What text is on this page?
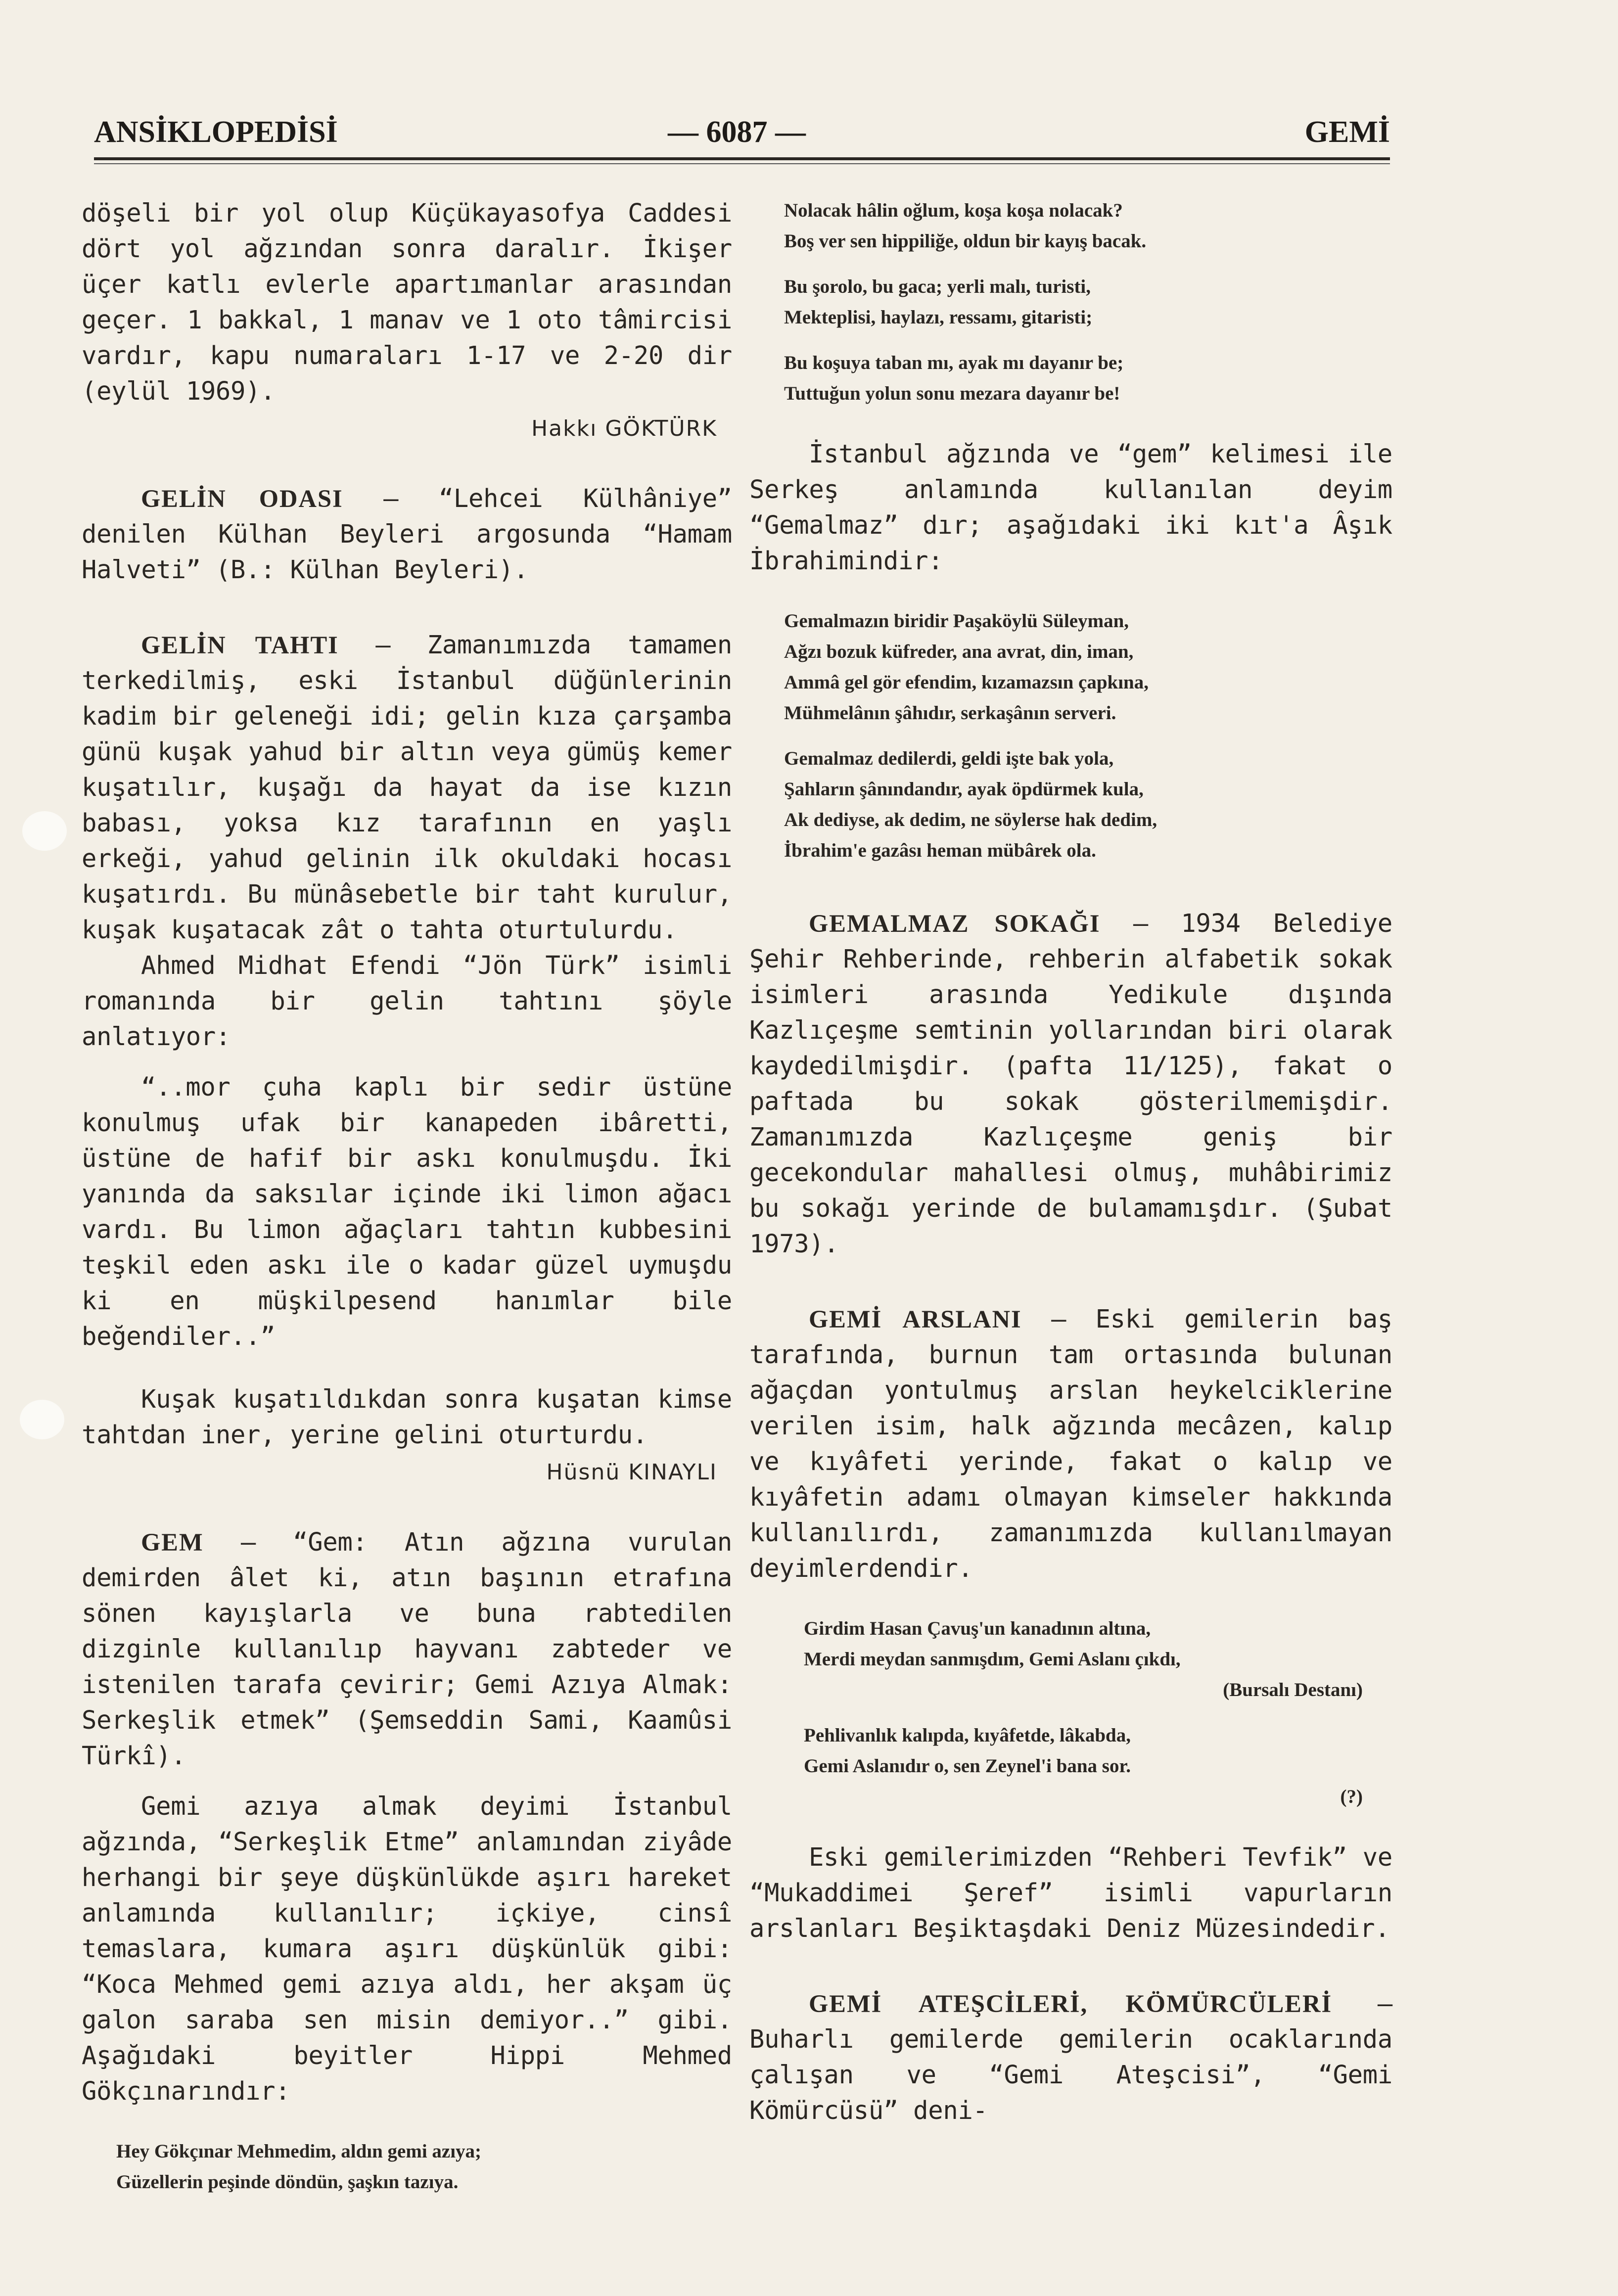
ANSİKLOPEDİSİ	— 6087 —	GEMİ

döşeli bir yol olup Küçükayasofya Caddesi dört yol ağzından sonra daralır. İkişer üçer katlı evlerle apartımanlar arasından geçer. 1 bakkal, 1 manav ve 1 oto tâmircisi vardır, kapu numaraları 1-17 ve 2-20 dir (eylül 1969).

Hakkı GÖKTÜRK

GELİN ODASI — “Lehcei Külhâniye” denilen Külhan Beyleri argosunda “Hamam Halveti” (B.: Külhan Beyleri).

GELİN TAHTI — Zamanımızda tamamen terkedilmiş, eski İstanbul düğünlerinin kadim bir geleneği idi; gelin kıza çarşamba günü kuşak yahud bir altın veya gümüş kemer kuşatılır, kuşağı da hayat da ise kızın babası, yoksa kız tarafının en yaşlı erkeği, yahud gelinin ilk okuldaki hocası kuşatırdı. Bu münâsebetle bir taht kurulur, kuşak kuşatacak zât o tahta oturtulurdu.

Ahmed Midhat Efendi “Jön Türk” isimli romanında bir gelin tahtını şöyle anlatıyor:

“..mor çuha kaplı bir sedir üstüne konulmuş ufak bir kanapeden ibâretti, üstüne de hafif bir askı konulmuşdu. İki yanında da saksılar içinde iki limon ağacı vardı. Bu limon ağaçları tahtın kubbesini teşkil eden askı ile o kadar güzel uymuşdu ki en müşkilpesend hanımlar bile beğendiler..”

Kuşak kuşatıldıkdan sonra kuşatan kimse tahtdan iner, yerine gelini oturturdu.

Hüsnü KINAYLI

GEM — “Gem: Atın ağzına vurulan demirden âlet ki, atın başının etrafına sönen kayışlarla ve buna rabtedilen dizginle kullanılıp hayvanı zabteder ve istenilen tarafa çevirir; Gemi Azıya Almak: Serkeşlik etmek” (Şemseddin Sami, Kaamûsi Türkî).

Gemi azıya almak deyimi İstanbul ağzında, “Serkeşlik Etme” anlamından ziyâde herhangi bir şeye düşkünlükde aşırı hareket anlamında kullanılır; içkiye, cinsî temaslara, kumara aşırı düşkünlük gibi: “Koca Mehmed gemi azıya aldı, her akşam üç galon saraba sen misin demiyor..” gibi. Aşağıdaki beyitler Hippi Mehmed Gökçınarındır:

Hey Gökçınar Mehmedim, aldın gemi azıya;
Güzellerin peşinde döndün, şaşkın tazıya.
Nolacak hâlin oğlum, koşa koşa nolacak?
Boş ver sen hippiliğe, oldun bir kayış bacak.
Bu şorolo, bu gaca; yerli malı, turisti,
Mekteplisi, haylazı, ressamı, gitaristi;
Bu koşuya taban mı, ayak mı dayanır be;
Tuttuğun yolun sonu mezara dayanır be!

İstanbul ağzında ve “gem” kelimesi ile Serkeş anlamında kullanılan deyim “Gemalmaz” dır; aşağıdaki iki kıt'a Âşık İbrahimindir:

Gemalmazın biridir Paşaköylü Süleyman,
Ağzı bozuk küfreder, ana avrat, din, iman,
Ammâ gel gör efendim, kızamazsın çapkına,
Mühmelânın şâhıdır, serkaşânın serveri.
Gemalmaz dedilerdi, geldi işte bak yola,
Şahların şânındandır, ayak öpdürmek kula,
Ak dediyse, ak dedim, ne söylerse hak dedim,
İbrahim'e gazâsı heman mübârek ola.

GEMALMAZ SOKAĞI — 1934 Belediye Şehir Rehberinde, rehberin alfabetik sokak isimleri arasında Yedikule dışında Kazlıçeşme semtinin yollarından biri olarak kaydedilmişdir. (pafta 11/125), fakat o paftada bu sokak gösterilmemişdir. Zamanımızda Kazlıçeşme geniş bir gecekondular mahallesi olmuş, muhâbirimiz bu sokağı yerinde de bulamamışdır. (Şubat 1973).

GEMİ ARSLANI — Eski gemilerin baş tarafında, burnun tam ortasında bulunan ağaçdan yontulmuş arslan heykelciklerine verilen isim, halk ağzında mecâzen, kalıp ve kıyâfeti yerinde, fakat o kalıp ve kıyâfetin adamı olmayan kimseler hakkında kullanılırdı, zamanımızda kullanılmayan deyimlerdendir.

Girdim Hasan Çavuş'un kanadının altına,
Merdi meydan sanmışdım, Gemi Aslanı çıkdı,
(Bursalı Destanı)
Pehlivanlık kalıpda, kıyâfetde, lâkabda,
Gemi Aslanıdır o, sen Zeynel'i bana sor.
(?)

Eski gemilerimizden “Rehberi Tevfik” ve “Mukaddimei Şeref” isimli vapurların arslanları Beşiktaşdaki Deniz Müzesindedir.

GEMİ ATEŞCİLERİ, KÖMÜRCÜLERİ — Buharlı gemilerde gemilerin ocaklarında çalışan ve “Gemi Ateşcisi”, “Gemi Kömürcüsü” deni-
